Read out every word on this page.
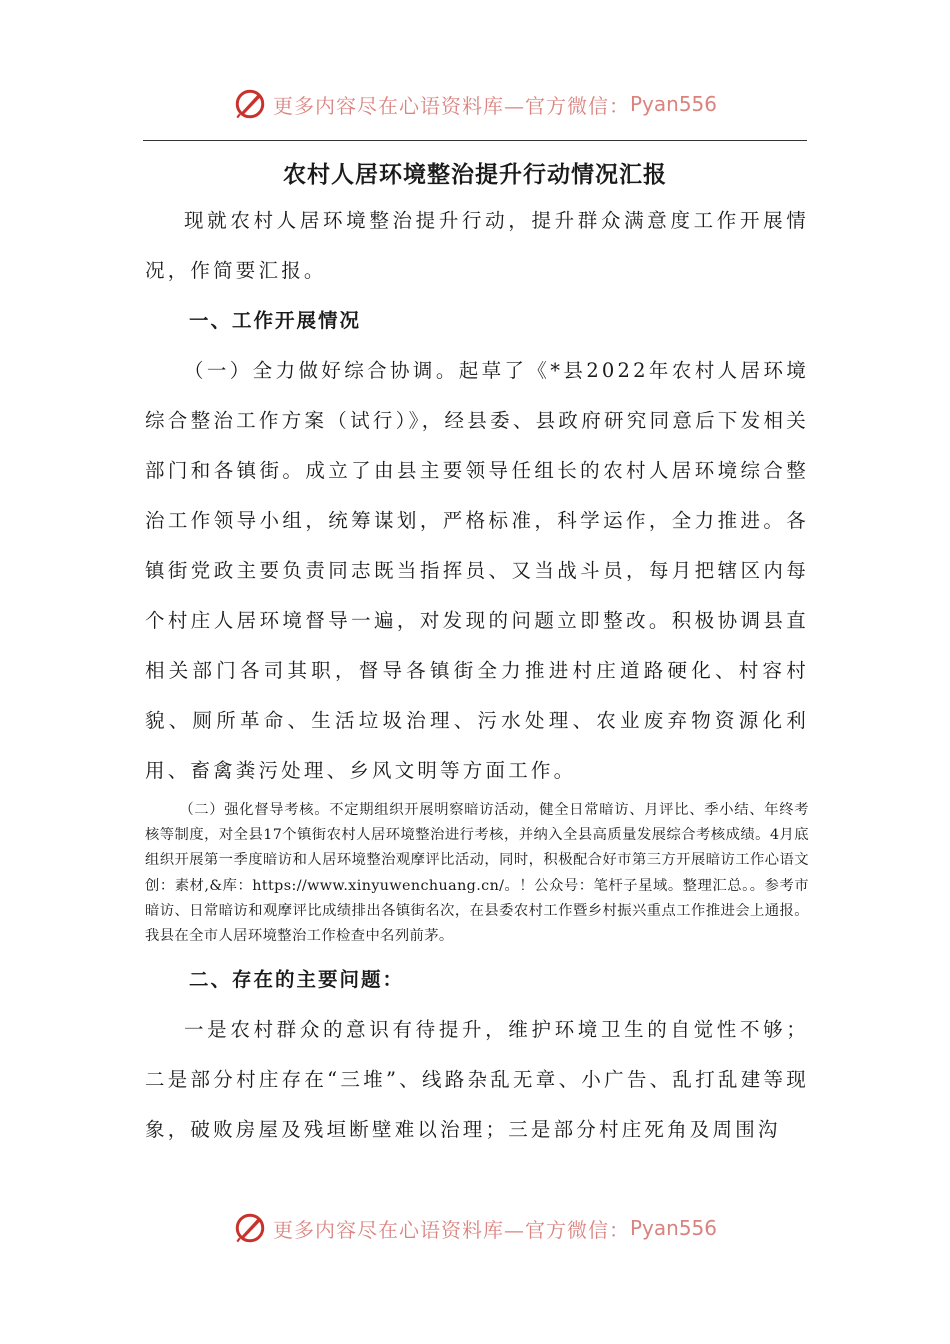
更多内容尽在心语资料库—官方微信： Pyan556
农村人居环境整治提升行动情况汇报

现就农村人居环境整治提升行动，提升群众满意度工作开展情况，作简要汇报。

一、工作开展情况

（一）全力做好综合协调。起草了《*县2022年农村人居环境综合整治工作方案（试行）》，经县委、县政府研究同意后下发相关部门和各镇街。成立了由县主要领导任组长的农村人居环境综合整治工作领导小组，统筹谋划，严格标准，科学运作，全力推进。各镇街党政主要负责同志既当指挥员、又当战斗员，每月把辖区内每个村庄人居环境督导一遍，对发现的问题立即整改。积极协调县直相关部门各司其职，督导各镇街全力推进村庄道路硬化、村容村貌、厕所革命、生活垃圾治理、污水处理、农业废弃物资源化利用、畜禽粪污处理、乡风文明等方面工作。

（二）强化督导考核。不定期组织开展明察暗访活动，健全日常暗访、月评比、季小结、年终考核等制度，对全县17个镇街农村人居环境整治进行考核，并纳入全县高质量发展综合考核成绩。4月底组织开展第一季度暗访和人居环境整治观摩评比活动，同时，积极配合好市第三方开展暗访工作心语文创：素材,&库：https://www.xinyuwenchuang.cn/。！公众号：笔杆子星域。整理汇总。。参考市暗访、日常暗访和观摩评比成绩排出各镇街名次，在县委农村工作暨乡村振兴重点工作推进会上通报。我县在全市人居环境整治工作检查中名列前茅。

二、存在的主要问题：

一是农村群众的意识有待提升，维护环境卫生的自觉性不够；二是部分村庄存在“三堆”、线路杂乱无章、小广告、乱打乱建等现象，破败房屋及残垣断壁难以治理；三是部分村庄死角及周围沟

更多内容尽在心语资料库—官方微信： Pyan556
